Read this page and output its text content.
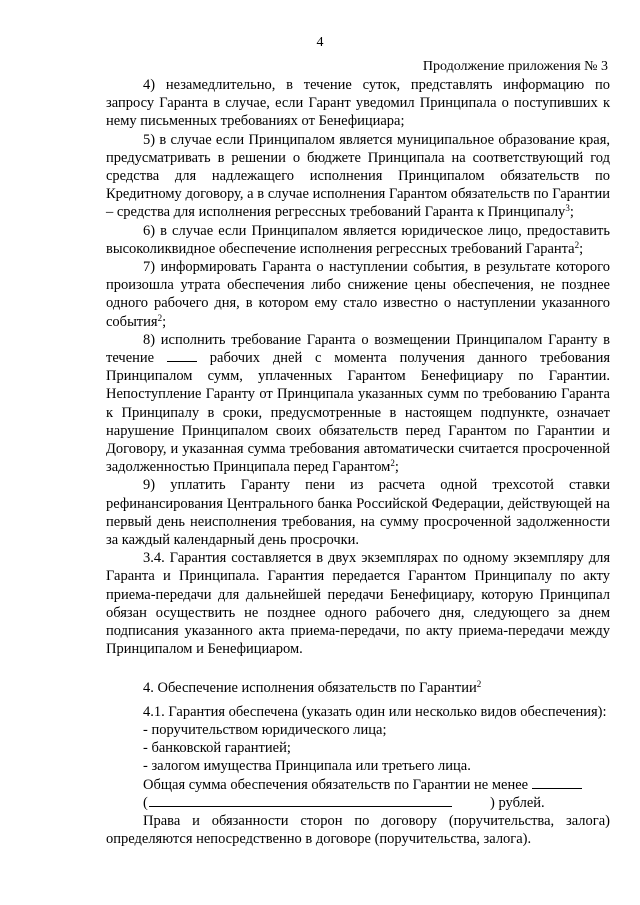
4
Продолжение приложения № 3

4) незамедлительно, в течение суток, представлять информацию по запросу Гаранта в случае, если Гарант уведомил Принципала о поступивших к нему письменных требованиях от Бенефициара;

5) в случае если Принципалом является муниципальное образование края, предусматривать в решении о бюджете Принципала на соответствующий год средства для надлежащего исполнения Принципалом обязательств по Кредитному договору, а в случае исполнения Гарантом обязательств по Гарантии – средства для исполнения регрессных требований Гаранта к Принципалу$^3$;

6) в случае если Принципалом является юридическое лицо, предоставить высоколиквидное обеспечение исполнения регрессных требований Гаранта$^2$;

7) информировать Гаранта о наступлении события, в результате которого произошла утрата обеспечения либо снижение цены обеспечения, не позднее одного рабочего дня, в котором ему стало известно о наступлении указанного события$^2$;

8) исполнить требование Гаранта о возмещении Принципалом Гаранту в течение	рабочих дней с момента получения данного требования Принципалом сумм, уплаченных Гарантом Бенефициару по Гарантии. Непоступление Гаранту от Принципала указанных сумм по требованию Гаранта к Принципалу в сроки, предусмотренные в настоящем подпункте, означает нарушение Принципалом своих обязательств перед Гарантом по Гарантии и Договору, и указанная сумма требования автоматически считается просроченной задолженностью Принципала перед Гарантом$^2$;

9) уплатить Гаранту пени из расчета одной трехсотой ставки рефинансирования Центрального банка Российской Федерации, действующей на первый день неисполнения требования, на сумму просроченной задолженности за каждый календарный день просрочки.

3.4. Гарантия составляется в двух экземплярах по одному экземпляру для Гаранта и Принципала. Гарантия передается Гарантом Принципалу по акту приема-передачи для дальнейшей передачи Бенефициару, которую Принципал обязан осуществить не позднее одного рабочего дня, следующего за днем подписания указанного акта приема-передачи, по акту приема-передачи между Принципалом и Бенефициаром.

4. Обеспечение исполнения обязательств по Гарантии$^2$

4.1. Гарантия обеспечена (указать один или несколько видов обеспечения):

- поручительством юридического лица;

- банковской гарантией;

- залогом имущества Принципала или третьего лица.

Общая сумма обеспечения обязательств по Гарантии не менее

(	) рублей.

Права и обязанности сторон по договору (поручительства, залога) определяются непосредственно в договоре (поручительства, залога).
